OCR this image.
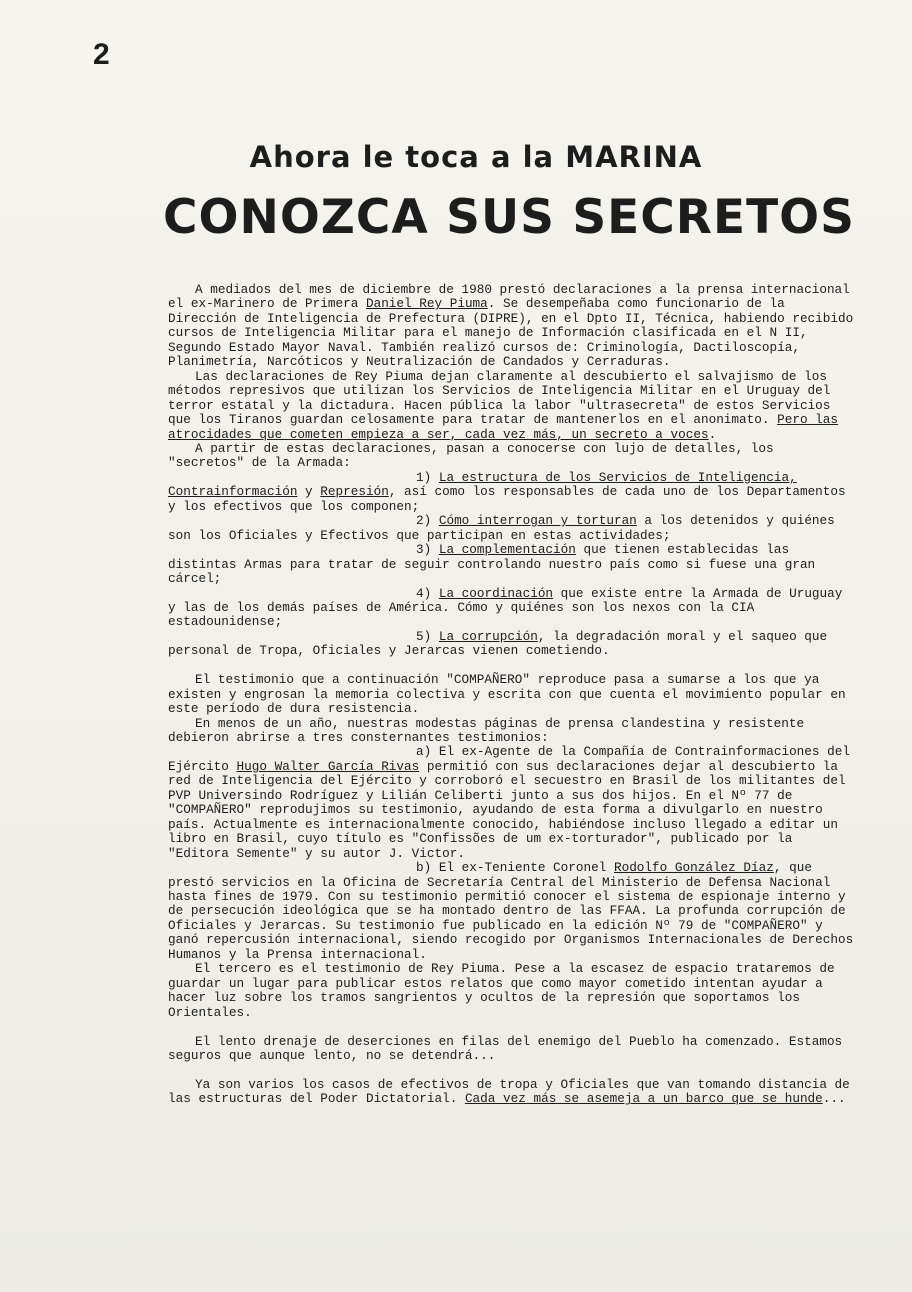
2
Ahora le toca a la MARINA
CONOZCA SUS SECRETOS

A mediados del mes de diciembre de 1980 prestó declaraciones a la prensa internacional el ex-Marinero de Primera Daniel Rey Piuma. Se desempeñaba como funcionario de la Dirección de Inteligencia de Prefectura (DIPRE), en el Dpto II, Técnica, habiendo recibido cursos de Inteligencia Militar para el manejo de Información clasificada en el N II, Segundo Estado Mayor Naval. También realizó cursos de: Criminología, Dactiloscopía, Planimetría, Narcóticos y Neutralización de Candados y Cerraduras.

Las declaraciones de Rey Piuma dejan claramente al descubierto el salvajismo de los métodos represivos que utilizan los Servicios de Inteligencia Militar en el Uruguay del terror estatal y la dictadura. Hacen pública la labor "ultrasecreta" de estos Servicios que los Tiranos guardan celosamente para tratar de mantenerlos en el anonimato. Pero las atrocidades que cometen empieza a ser, cada vez más, un secreto a voces.

A partir de estas declaraciones, pasan a conocerse con lujo de detalles, los "secretos" de la Armada:

1) La estructura de los Servicios de Inteligencia, Contrainformación y Represión, así como los responsables de cada uno de los Departamentos y los efectivos que los componen;

2) Cómo interrogan y torturan a los detenidos y quiénes son los Oficiales y Efectivos que participan en estas actividades;

3) La complementación que tienen establecidas las distintas Armas para tratar de seguir controlando nuestro país como si fuese una gran cárcel;

4) La coordinación que existe entre la Armada de Uruguay y las de los demás países de América. Cómo y quiénes son los nexos con la CIA estadounidense;

5) La corrupción, la degradación moral y el saqueo que personal de Tropa, Oficiales y Jerarcas vienen cometiendo.

El testimonio que a continuación "COMPAÑERO" reproduce pasa a sumarse a los que ya existen y engrosan la memoria colectiva y escrita con que cuenta el movimiento popular en este período de dura resistencia.

En menos de un año, nuestras modestas páginas de prensa clandestina y resistente debieron abrirse a tres consternantes testimonios:

a) El ex-Agente de la Compañía de Contrainformaciones del Ejército Hugo Walter García Rivas permitió con sus declaraciones dejar al descubierto la red de Inteligencia del Ejército y corroboró el secuestro en Brasil de los militantes del PVP Universindo Rodríguez y Lilián Celiberti junto a sus dos hijos. En el Nº 77 de "COMPAÑERO" reprodujimos su testimonio, ayudando de esta forma a divulgarlo en nuestro país. Actualmente es internacionalmente conocido, habiéndose incluso llegado a editar un libro en Brasil, cuyo título es "Confissões de um ex-torturador", publicado por la "Editora Semente" y su autor J. Victor.

b) El ex-Teniente Coronel Rodolfo González Díaz, que prestó servicios en la Oficina de Secretaría Central del Ministerio de Defensa Nacional hasta fines de 1979. Con su testimonio permitió conocer el sistema de espionaje interno y de persecución ideológica que se ha montado dentro de las FFAA. La profunda corrupción de Oficiales y Jerarcas. Su testimonio fue publicado en la edición Nº 79 de "COMPAÑERO" y ganó repercusión internacional, siendo recogido por Organismos Internacionales de Derechos Humanos y la Prensa internacional.

El tercero es el testimonio de Rey Piuma. Pese a la escasez de espacio trataremos de guardar un lugar para publicar estos relatos que como mayor cometido intentan ayudar a hacer luz sobre los tramos sangrientos y ocultos de la represión que soportamos los Orientales.

El lento drenaje de deserciones en filas del enemigo del Pueblo ha comenzado. Estamos seguros que aunque lento, no se detendrá...

Ya son varios los casos de efectivos de tropa y Oficiales que van tomando distancia de las estructuras del Poder Dictatorial. Cada vez más se asemeja a un barco que se hunde...
